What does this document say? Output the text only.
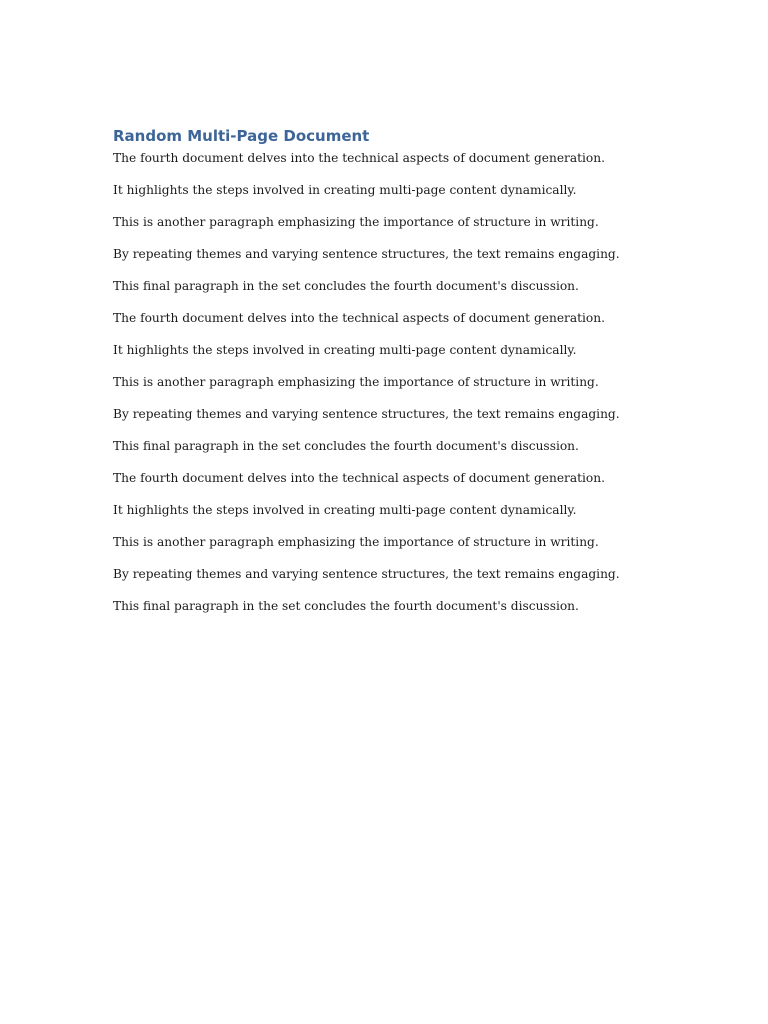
Random Multi-Page Document

The fourth document delves into the technical aspects of document generation.

It highlights the steps involved in creating multi-page content dynamically.

This is another paragraph emphasizing the importance of structure in writing.

By repeating themes and varying sentence structures, the text remains engaging.

This final paragraph in the set concludes the fourth document's discussion.

The fourth document delves into the technical aspects of document generation.

It highlights the steps involved in creating multi-page content dynamically.

This is another paragraph emphasizing the importance of structure in writing.

By repeating themes and varying sentence structures, the text remains engaging.

This final paragraph in the set concludes the fourth document's discussion.

The fourth document delves into the technical aspects of document generation.

It highlights the steps involved in creating multi-page content dynamically.

This is another paragraph emphasizing the importance of structure in writing.

By repeating themes and varying sentence structures, the text remains engaging.

This final paragraph in the set concludes the fourth document's discussion.
